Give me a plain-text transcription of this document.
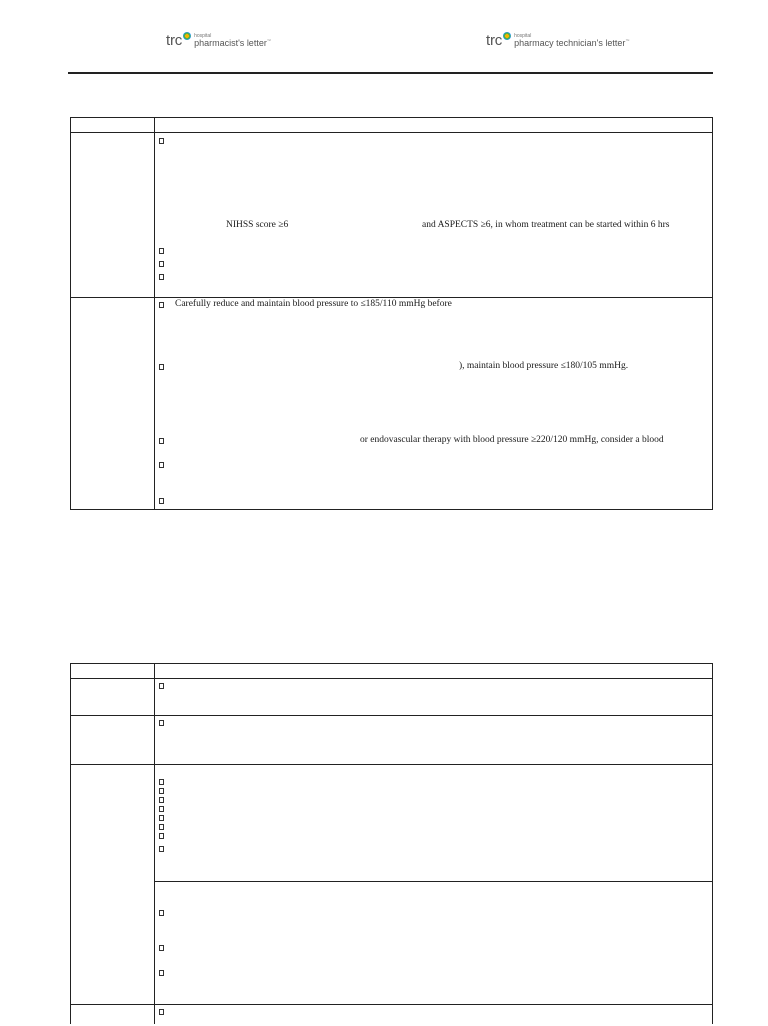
trc hospital
pharmacist's letter™	trc hospital
pharmacy technician's letter™
NIHSS score ≥6	and ASPECTS ≥6, in whom treatment can be started within 6 hrs
Carefully reduce and maintain blood pressure to ≤185/110 mmHg before
), maintain blood pressure ≤180/105 mmHg.
or endovascular therapy with blood pressure ≥220/120 mmHg, consider a blood
